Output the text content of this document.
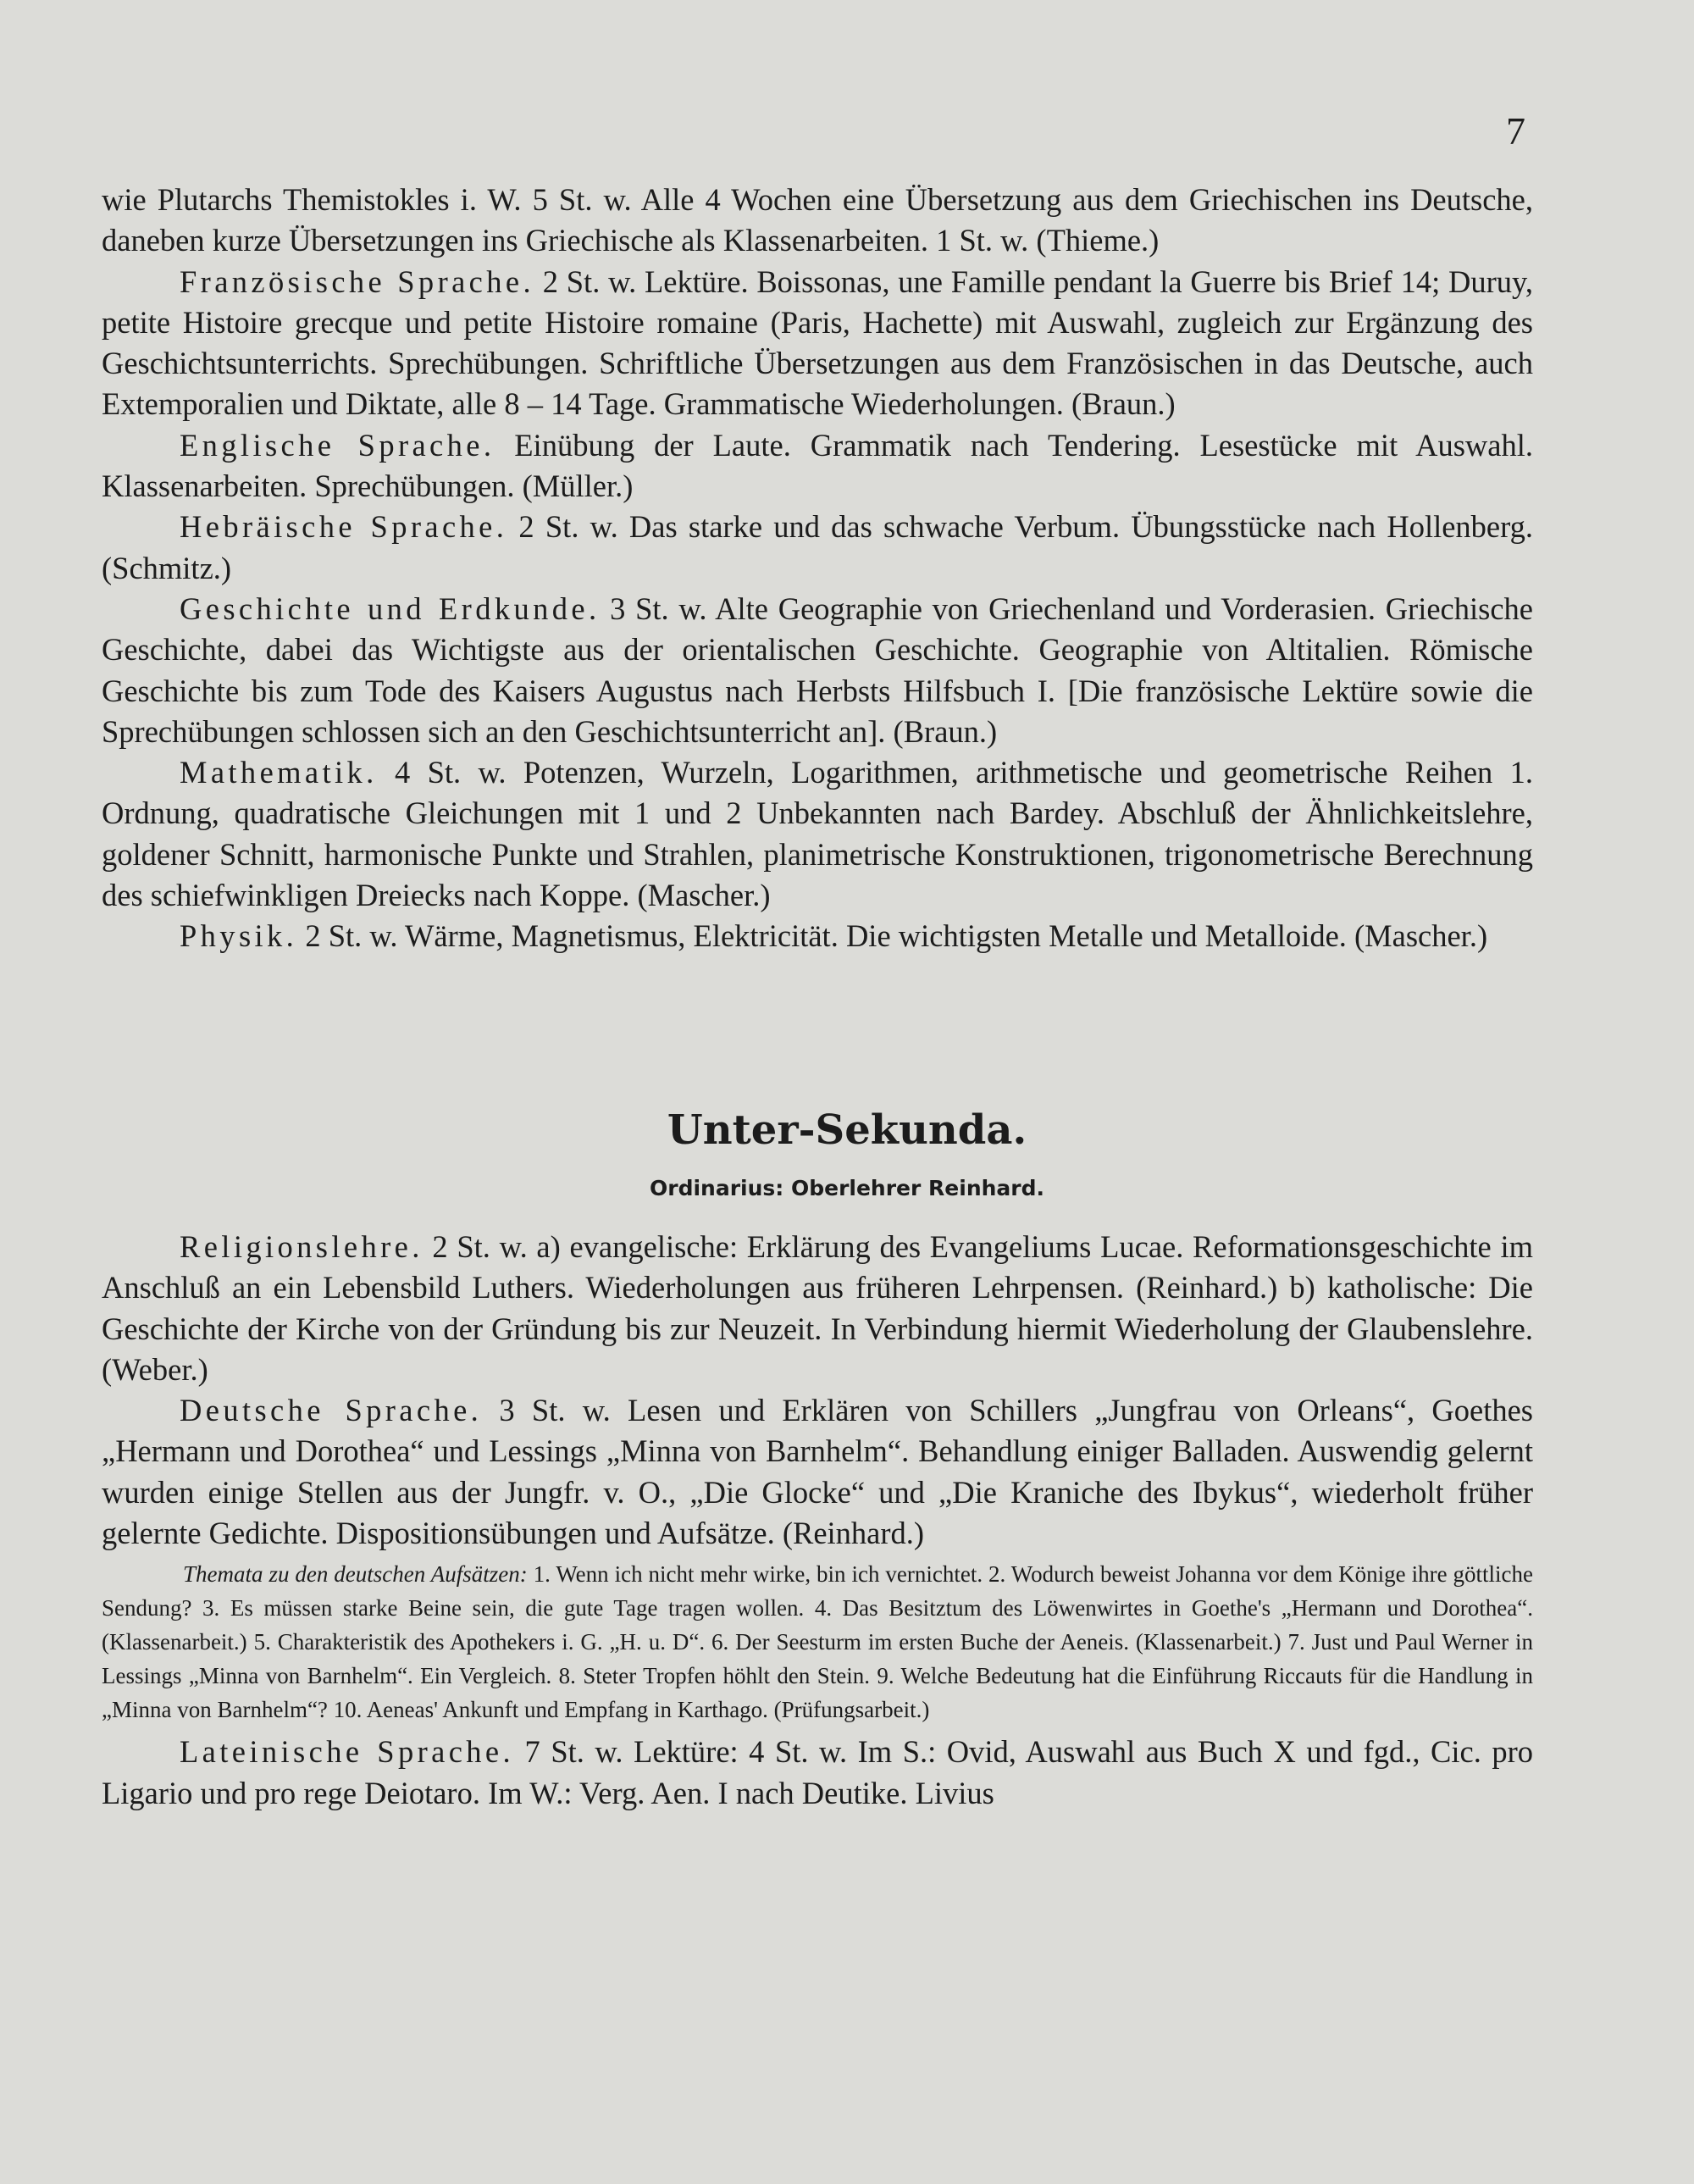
7

wie Plutarchs Themistokles i. W. 5 St. w. Alle 4 Wochen eine Übersetzung aus dem Griechischen ins Deutsche, daneben kurze Übersetzungen ins Griechische als Klassenarbeiten. 1 St. w. (Thieme.)

Französische Sprache. 2 St. w. Lektüre. Boissonas, une Famille pendant la Guerre bis Brief 14; Duruy, petite Histoire grecque und petite Histoire romaine (Paris, Hachette) mit Auswahl, zugleich zur Ergänzung des Geschichtsunterrichts. Sprechübungen. Schriftliche Übersetzungen aus dem Französischen in das Deutsche, auch Extemporalien und Diktate, alle 8 – 14 Tage. Grammatische Wiederholungen. (Braun.)

Englische Sprache. Einübung der Laute. Grammatik nach Tendering. Lesestücke mit Auswahl. Klassenarbeiten. Sprechübungen. (Müller.)

Hebräische Sprache. 2 St. w. Das starke und das schwache Verbum. Übungsstücke nach Hollenberg. (Schmitz.)

Geschichte und Erdkunde. 3 St. w. Alte Geographie von Griechenland und Vorderasien. Griechische Geschichte, dabei das Wichtigste aus der orientalischen Geschichte. Geographie von Altitalien. Römische Geschichte bis zum Tode des Kaisers Augustus nach Herbsts Hilfsbuch I. [Die französische Lektüre sowie die Sprechübungen schlossen sich an den Geschichtsunterricht an]. (Braun.)

Mathematik. 4 St. w. Potenzen, Wurzeln, Logarithmen, arithmetische und geometrische Reihen 1. Ordnung, quadratische Gleichungen mit 1 und 2 Unbekannten nach Bardey. Abschluß der Ähnlichkeitslehre, goldener Schnitt, harmonische Punkte und Strahlen, planimetrische Konstruktionen, trigonometrische Berechnung des schiefwinkligen Dreiecks nach Koppe. (Mascher.)

Physik. 2 St. w. Wärme, Magnetismus, Elektricität. Die wichtigsten Metalle und Metalloide. (Mascher.)

Unter-Sekunda.
Ordinarius: Oberlehrer Reinhard.

Religionslehre. 2 St. w. a) evangelische: Erklärung des Evangeliums Lucae. Reformationsgeschichte im Anschluß an ein Lebensbild Luthers. Wiederholungen aus früheren Lehrpensen. (Reinhard.) b) katholische: Die Geschichte der Kirche von der Gründung bis zur Neuzeit. In Verbindung hiermit Wiederholung der Glaubenslehre. (Weber.)

Deutsche Sprache. 3 St. w. Lesen und Erklären von Schillers „Jungfrau von Orleans“, Goethes „Hermann und Dorothea“ und Lessings „Minna von Barnhelm“. Behandlung einiger Balladen. Auswendig gelernt wurden einige Stellen aus der Jungfr. v. O., „Die Glocke“ und „Die Kraniche des Ibykus“, wiederholt früher gelernte Gedichte. Dispositionsübungen und Aufsätze. (Reinhard.)

Themata zu den deutschen Aufsätzen: 1. Wenn ich nicht mehr wirke, bin ich vernichtet. 2. Wodurch beweist Johanna vor dem Könige ihre göttliche Sendung? 3. Es müssen starke Beine sein, die gute Tage tragen wollen. 4. Das Besitztum des Löwenwirtes in Goethe's „Hermann und Dorothea“. (Klassenarbeit.) 5. Charakteristik des Apothekers i. G. „H. u. D“. 6. Der Seesturm im ersten Buche der Aeneis. (Klassenarbeit.) 7. Just und Paul Werner in Lessings „Minna von Barnhelm“. Ein Vergleich. 8. Steter Tropfen höhlt den Stein. 9. Welche Bedeutung hat die Einführung Riccauts für die Handlung in „Minna von Barnhelm“? 10. Aeneas' Ankunft und Empfang in Karthago. (Prüfungsarbeit.)

Lateinische Sprache. 7 St. w. Lektüre: 4 St. w. Im S.: Ovid, Auswahl aus Buch X und fgd., Cic. pro Ligario und pro rege Deiotaro. Im W.: Verg. Aen. I nach Deutike. Livius
